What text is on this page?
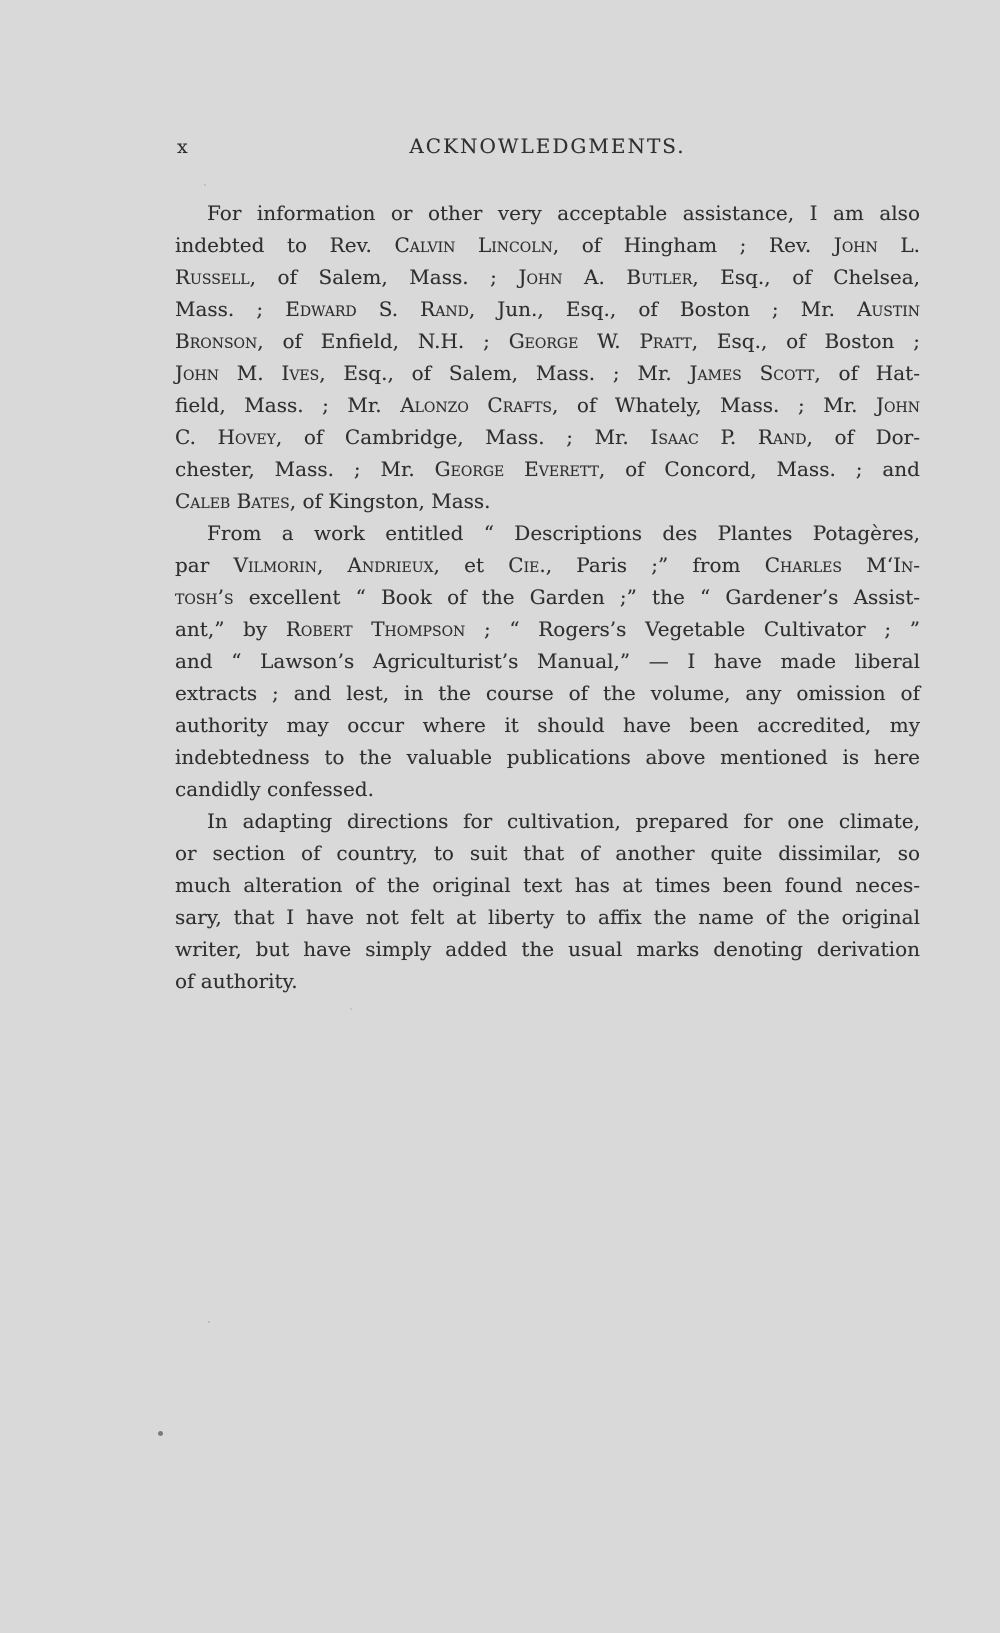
x	ACKNOWLEDGMENTS.
For information or other very acceptable assistance, I am also
indebted to Rev. Calvin Lincoln, of Hingham ; Rev. John L.
Russell, of Salem, Mass. ; John A. Butler, Esq., of Chelsea,
Mass. ; Edward S. Rand, Jun., Esq., of Boston ; Mr. Austin
Bronson, of Enfield, N.H. ; George W. Pratt, Esq., of Boston ;
John M. Ives, Esq., of Salem, Mass. ; Mr. James Scott, of Hat-
field, Mass. ; Mr. Alonzo Crafts, of Whately, Mass. ; Mr. John
C. Hovey, of Cambridge, Mass. ; Mr. Isaac P. Rand, of Dor-
chester, Mass. ; Mr. George Everett, of Concord, Mass. ; and
Caleb Bates, of Kingston, Mass.
From a work entitled “ Descriptions des Plantes Potagères,
par Vilmorin, Andrieux, et Cie., Paris ;” from Charles M‘In-
tosh’s excellent “ Book of the Garden ;” the “ Gardener’s Assist-
ant,” by Robert Thompson ; “ Rogers’s Vegetable Cultivator ; ”
and “ Lawson’s Agriculturist’s Manual,” — I have made liberal
extracts ; and lest, in the course of the volume, any omission of
authority may occur where it should have been accredited, my
indebtedness to the valuable publications above mentioned is here
candidly confessed.
In adapting directions for cultivation, prepared for one climate,
or section of country, to suit that of another quite dissimilar, so
much alteration of the original text has at times been found neces-
sary, that I have not felt at liberty to affix the name of the original
writer, but have simply added the usual marks denoting derivation
of authority.
